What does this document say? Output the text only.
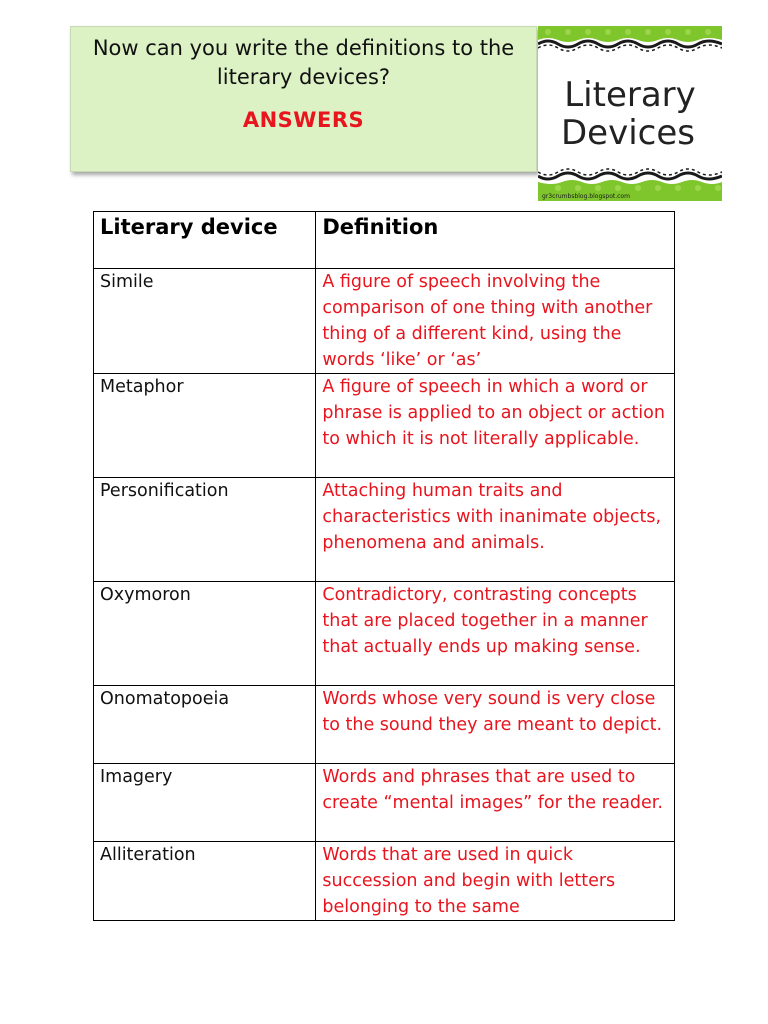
Now can you write the definitions to the literary devices?
ANSWERS
Literary
Devices
gr3crumbsblog.blogspot.com
Literary device	Definition
Simile	A figure of speech involving the comparison of one thing with another thing of a different kind, using the words ‘like’ or ‘as’
Metaphor	A figure of speech in which a word or phrase is applied to an object or action to which it is not literally applicable.
Personification	Attaching human traits and characteristics with inanimate objects, phenomena and animals.
Oxymoron	Contradictory, contrasting concepts that are placed together in a manner that actually ends up making sense.
Onomatopoeia	Words whose very sound is very close to the sound they are meant to depict.
Imagery	Words and phrases that are used to create “mental images” for the reader.
Alliteration	Words that are used in quick succession and begin with letters belonging to the same
